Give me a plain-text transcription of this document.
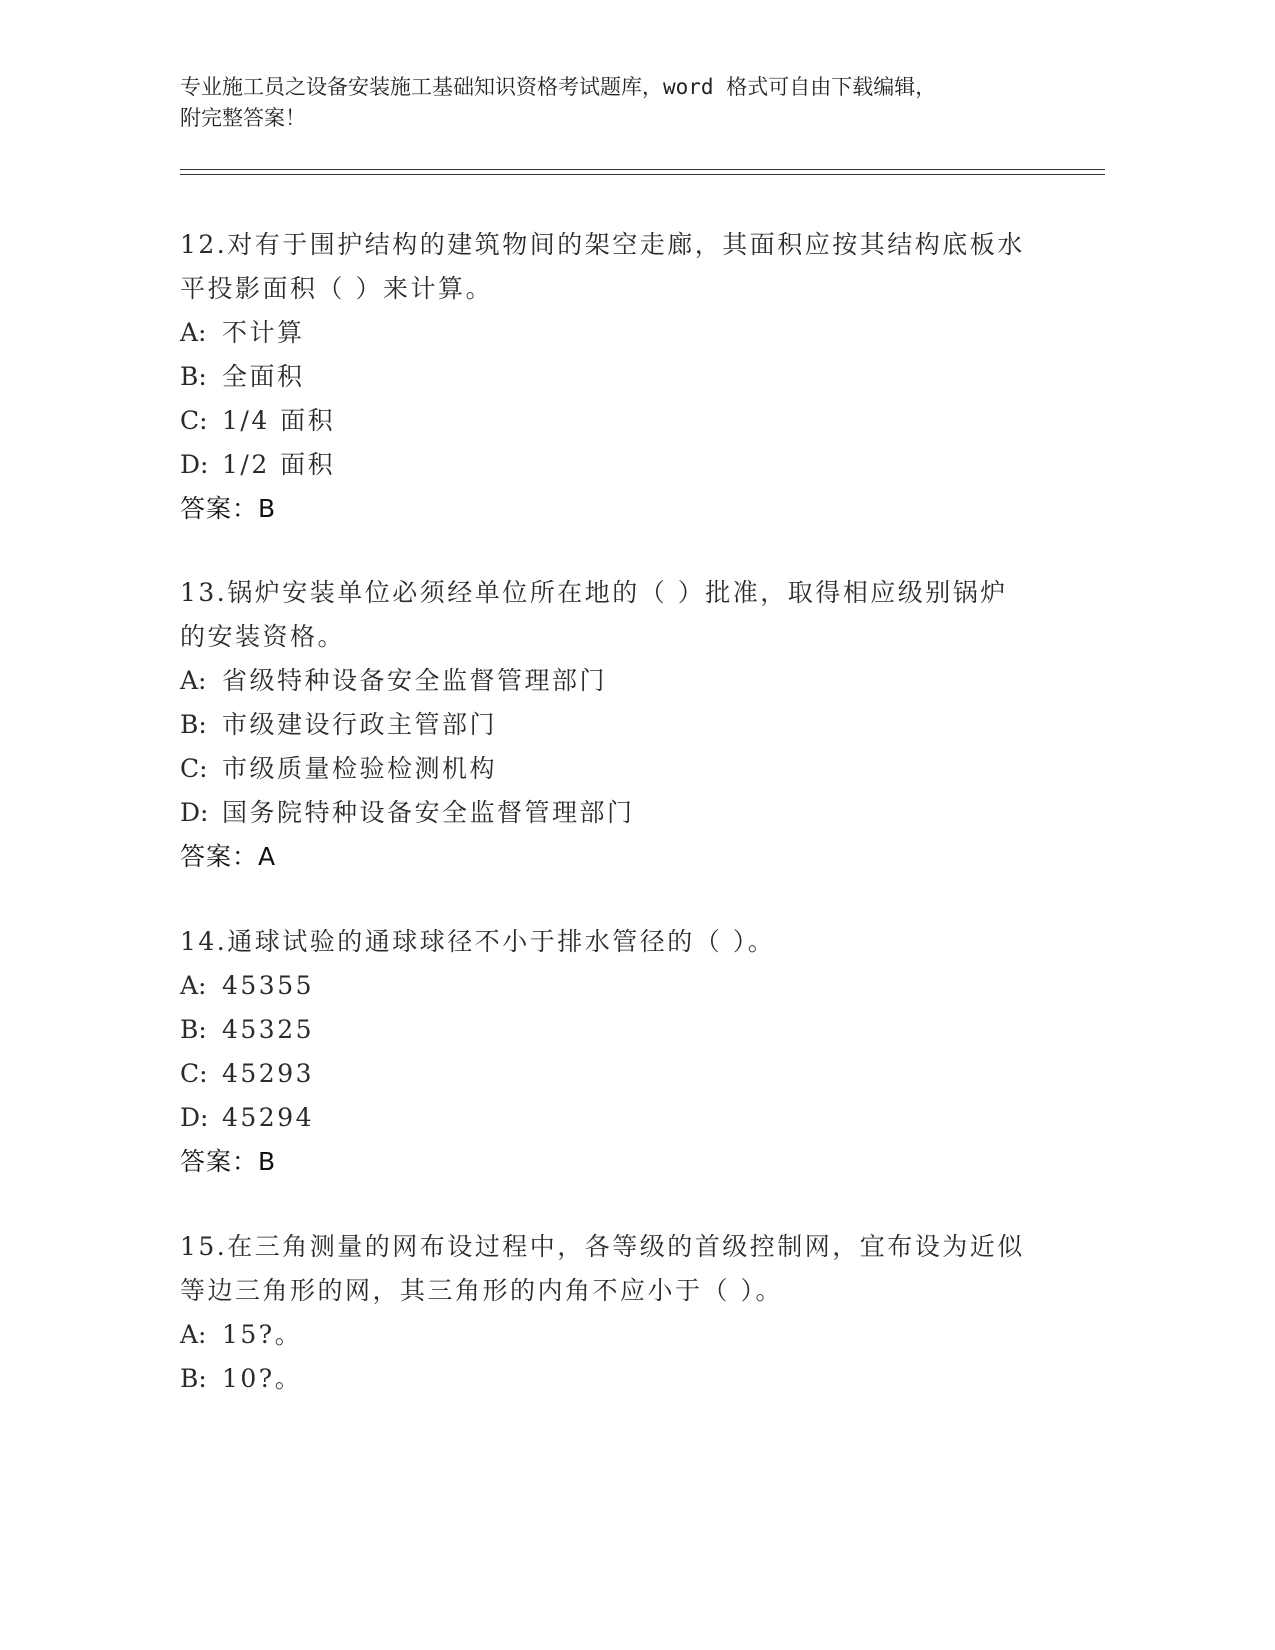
专业施工员之设备安装施工基础知识资格考试题库，word 格式可自由下载编辑，
附完整答案！
12.对有于围护结构的建筑物间的架空走廊，其面积应按其结构底板水
平投影面积（ ）来计算。
A: 不计算
B: 全面积
C: 1/4 面积
D: 1/2 面积
答案：B
13.锅炉安装单位必须经单位所在地的（ ）批准，取得相应级别锅炉
的安装资格。
A: 省级特种设备安全监督管理部门
B: 市级建设行政主管部门
C: 市级质量检验检测机构
D: 国务院特种设备安全监督管理部门
答案：A
14.通球试验的通球球径不小于排水管径的（ ）。
A: 45355
B: 45325
C: 45293
D: 45294
答案：B
15.在三角测量的网布设过程中，各等级的首级控制网，宜布设为近似
等边三角形的网，其三角形的内角不应小于（ ）。
A: 15?。
B: 10?。
